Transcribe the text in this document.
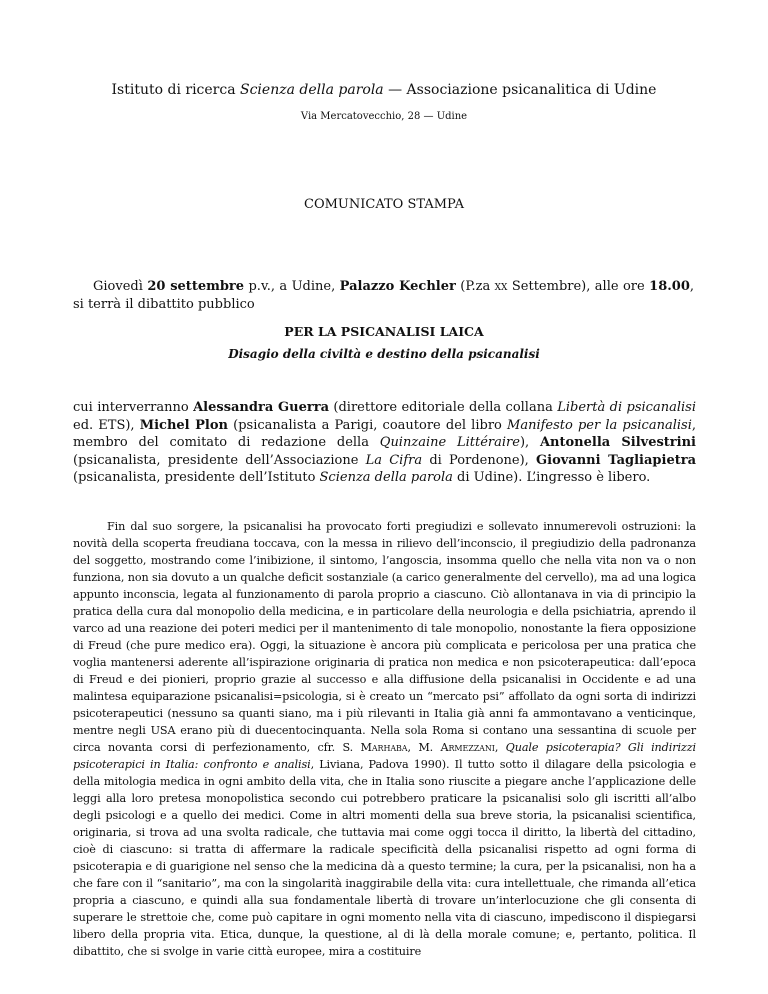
Istituto di ricerca Scienza della parola — Associazione psicanalitica di Udine
Via Mercatovecchio, 28 — Udine
COMUNICATO STAMPA
Giovedì 20 settembre p.v., a Udine, Palazzo Kechler (P.za xx Settembre), alle ore 18.00, si terrà il dibattito pubblico
PER LA PSICANALISI LAICA
Disagio della civiltà e destino della psicanalisi
cui interverranno Alessandra Guerra (direttore editoriale della collana Libertà di psicanalisi ed. ETS), Michel Plon (psicanalista a Parigi, coautore del libro Manifesto per la psicanalisi, membro del comitato di redazione della Quinzaine Littéraire), Antonella Silvestrini (psicanalista, presidente dell’Associazione La Cifra di Pordenone), Giovanni Tagliapietra (psicanalista, presidente dell’Istituto Scienza della parola di Udine). L’ingresso è libero.
Fin dal suo sorgere, la psicanalisi ha provocato forti pregiudizi e sollevato innumerevoli ostruzioni: la novità della scoperta freudiana toccava, con la messa in rilievo dell’inconscio, il pregiudizio della padronanza del soggetto, mostrando come l’inibizione, il sintomo, l’angoscia, insomma quello che nella vita non va o non funziona, non sia dovuto a un qualche deficit sostanziale (a carico generalmente del cervello), ma ad una logica appunto inconscia, legata al funzionamento di parola proprio a ciascuno. Ciò allontanava in via di principio la pratica della cura dal monopolio della medicina, e in particolare della neurologia e della psichiatria, aprendo il varco ad una reazione dei poteri medici per il mantenimento di tale monopolio, nonostante la fiera opposizione di Freud (che pure medico era). Oggi, la situazione è ancora più complicata e pericolosa per una pratica che voglia mantenersi aderente all’ispirazione originaria di pratica non medica e non psicoterapeutica: dall’epoca di Freud e dei pionieri, proprio grazie al successo e alla diffusione della psicanalisi in Occidente e ad una malintesa equiparazione psicanalisi=psicologia, si è creato un “mercato psi” affollato da ogni sorta di indirizzi psicoterapeutici (nessuno sa quanti siano, ma i più rilevanti in Italia già anni fa ammontavano a venticinque, mentre negli USA erano più di duecentocinquanta. Nella sola Roma si contano una sessantina di scuole per circa novanta corsi di perfezionamento, cfr. S. Marhaba, M. Armezzani, Quale psicoterapia? Gli indirizzi psicoterapici in Italia: confronto e analisi, Liviana, Padova 1990). Il tutto sotto il dilagare della psicologia e della mitologia medica in ogni ambito della vita, che in Italia sono riuscite a piegare anche l’applicazione delle leggi alla loro pretesa monopolistica secondo cui potrebbero praticare la psicanalisi solo gli iscritti all’albo degli psicologi e a quello dei medici. Come in altri momenti della sua breve storia, la psicanalisi scientifica, originaria, si trova ad una svolta radicale, che tuttavia mai come oggi tocca il diritto, la libertà del cittadino, cioè di ciascuno: si tratta di affermare la radicale specificità della psicanalisi rispetto ad ogni forma di psicoterapia e di guarigione nel senso che la medicina dà a questo termine; la cura, per la psicanalisi, non ha a che fare con il “sanitario”, ma con la singolarità inaggirabile della vita: cura intellettuale, che rimanda all’etica propria a ciascuno, e quindi alla sua fondamentale libertà di trovare un’interlocuzione che gli consenta di superare le strettoie che, come può capitare in ogni momento nella vita di ciascuno, impediscono il dispiegarsi libero della propria vita. Etica, dunque, la questione, al di là della morale comune; e, pertanto, politica. Il dibattito, che si svolge in varie città europee, mira a costituire
